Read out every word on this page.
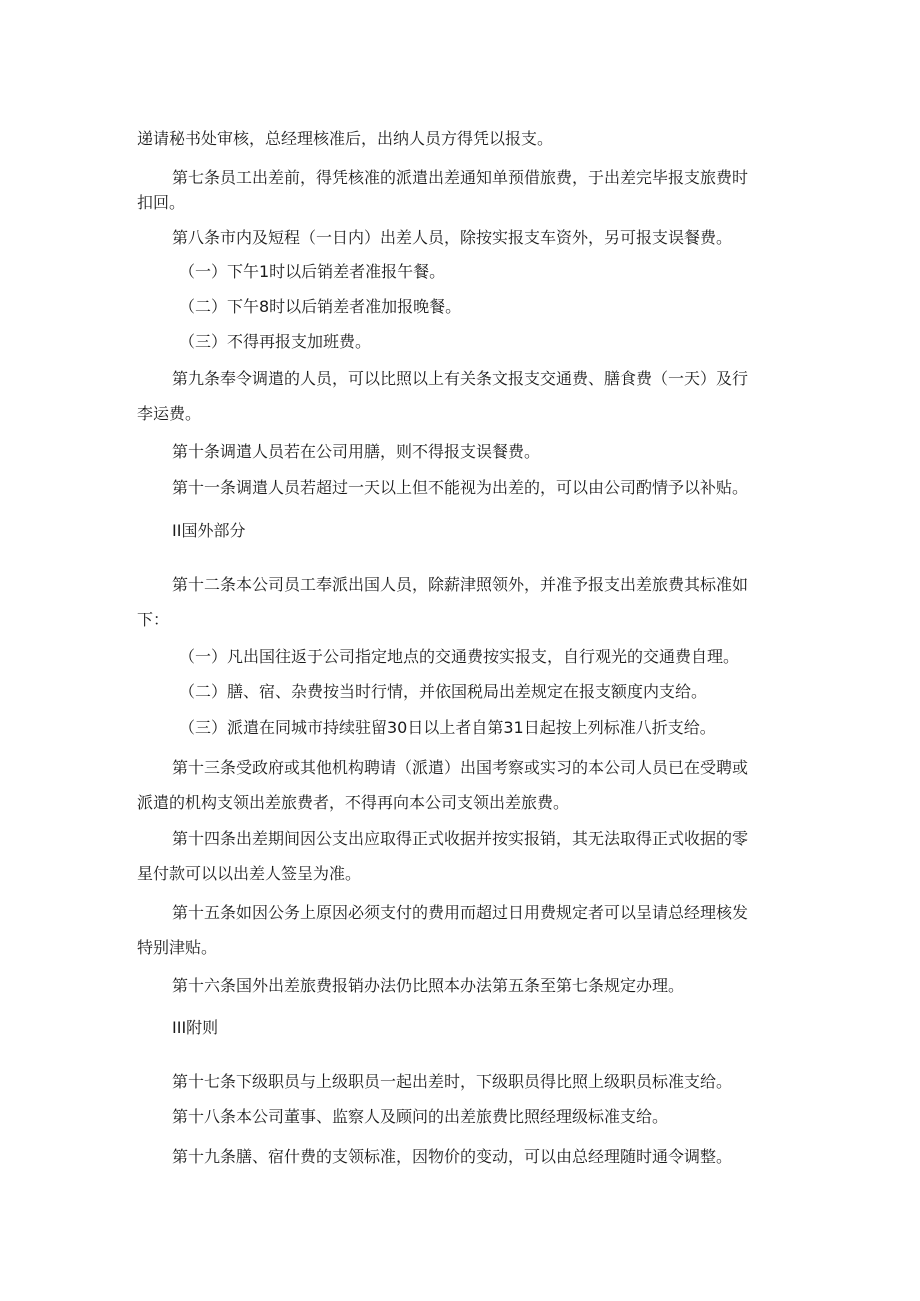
递请秘书处审核，总经理核准后，出纳人员方得凭以报支。
第七条员工出差前，得凭核准的派遣出差通知单预借旅费，于出差完毕报支旅费时
扣回。
第八条市内及短程（一日内）出差人员，除按实报支车资外，另可报支误餐费。
（一）下午1时以后销差者准报午餐。
（二）下午8时以后销差者准加报晚餐。
（三）不得再报支加班费。
第九条奉令调遣的人员，可以比照以上有关条文报支交通费、膳食费（一天）及行
李运费。
第十条调遣人员若在公司用膳，则不得报支误餐费。
第十一条调遣人员若超过一天以上但不能视为出差的，可以由公司酌情予以补贴。
II国外部分
第十二条本公司员工奉派出国人员，除薪津照领外，并准予报支出差旅费其标准如
下：
（一）凡出国往返于公司指定地点的交通费按实报支，自行观光的交通费自理。
（二）膳、宿、杂费按当时行情，并依国税局出差规定在报支额度内支给。
（三）派遣在同城市持续驻留30日以上者自第31日起按上列标准八折支给。
第十三条受政府或其他机构聘请（派遣）出国考察或实习的本公司人员已在受聘或
派遣的机构支领出差旅费者，不得再向本公司支领出差旅费。
第十四条出差期间因公支出应取得正式收据并按实报销，其无法取得正式收据的零
星付款可以以出差人签呈为准。
第十五条如因公务上原因必须支付的费用而超过日用费规定者可以呈请总经理核发
特别津贴。
第十六条国外出差旅费报销办法仍比照本办法第五条至第七条规定办理。
III附则
第十七条下级职员与上级职员一起出差时，下级职员得比照上级职员标准支给。
第十八条本公司董事、监察人及顾问的出差旅费比照经理级标准支给。
第十九条膳、宿什费的支领标准，因物价的变动，可以由总经理随时通令调整。
